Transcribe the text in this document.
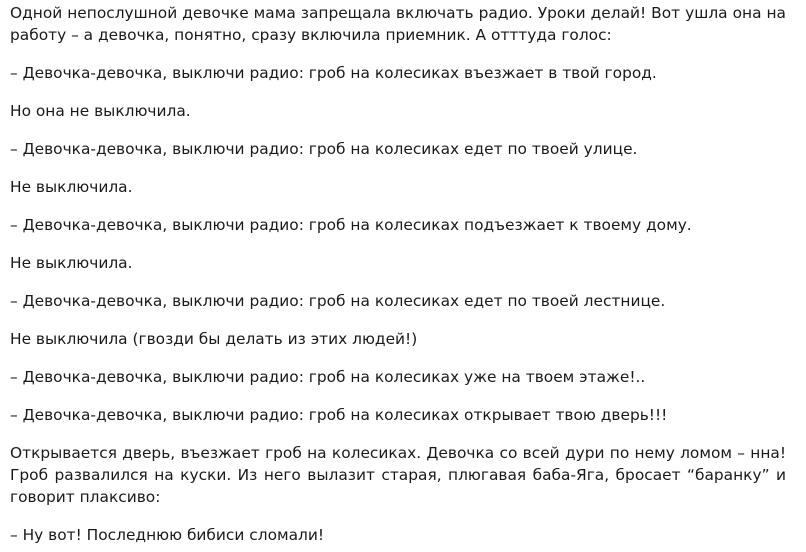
Одной непослушной девочке мама запрещала включать радио. Уроки делай! Вот ушла она на работу – а девочка, понятно, сразу включила приемник. А отттуда голос:

– Девочка-девочка, выключи радио: гроб на колесиках въезжает в твой город.

Но она не выключила.

– Девочка-девочка, выключи радио: гроб на колесиках едет по твоей улице.

Не выключила.

– Девочка-девочка, выключи радио: гроб на колесиках подъезжает к твоему дому.

Не выключила.

– Девочка-девочка, выключи радио: гроб на колесиках едет по твоей лестнице.

Не выключила (гвозди бы делать из этих людей!)

– Девочка-девочка, выключи радио: гроб на колесиках уже на твоем этаже!..

– Девочка-девочка, выключи радио: гроб на колесиках открывает твою дверь!!!

Открывается дверь, въезжает гроб на колесиках. Девочка со всей дури по нему ломом – нна! Гроб развалился на куски. Из него вылазит старая, плюгавая баба-Яга, бросает “баранку” и говорит плаксиво:

– Ну вот! Последнюю бибиси сломали!
